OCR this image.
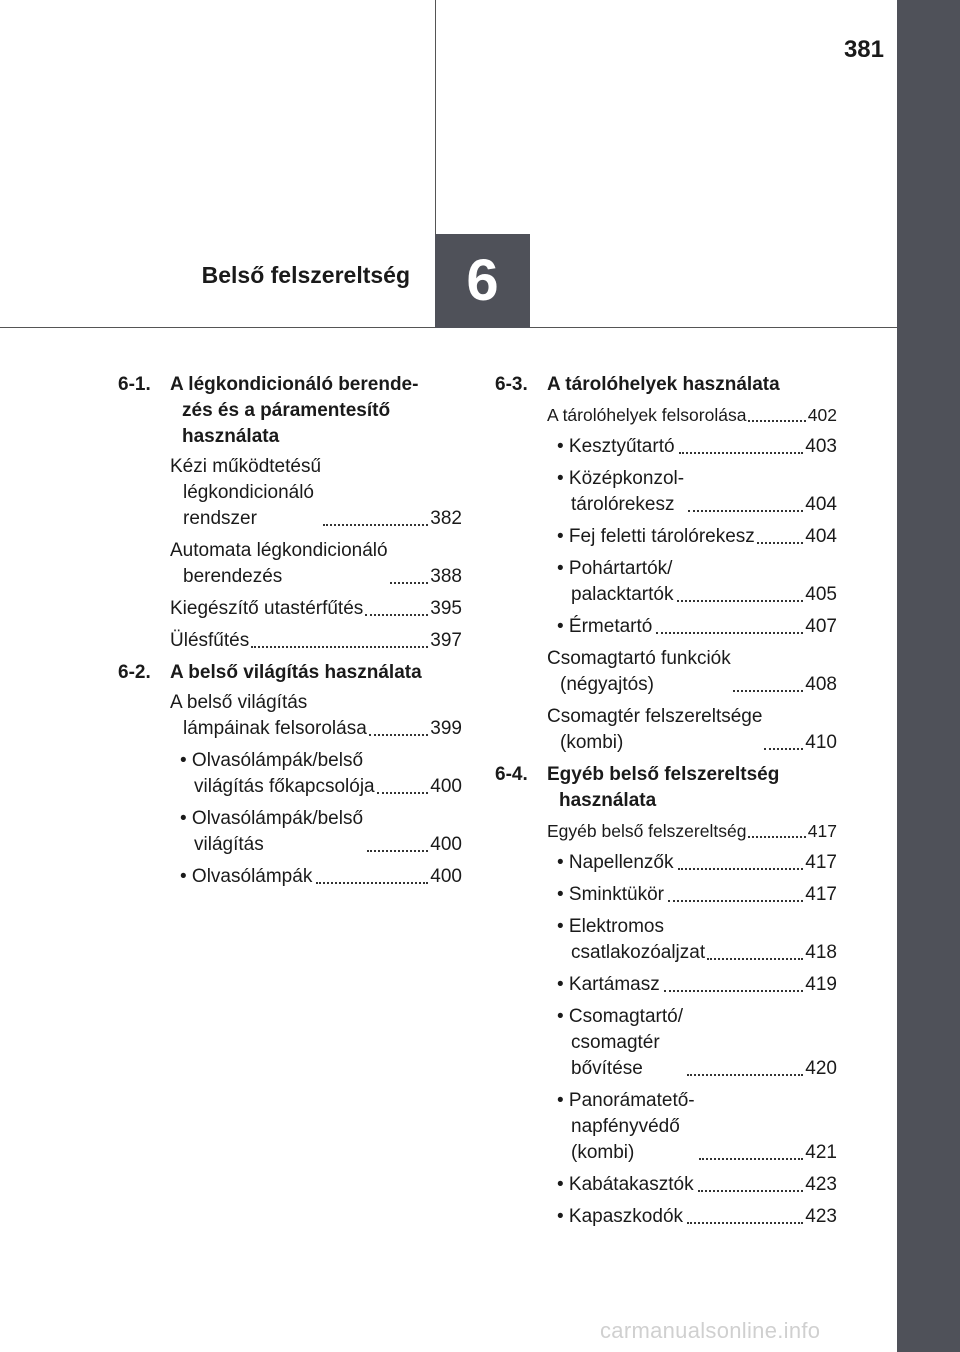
381
6
Belső felszereltség
6-1. A légkondicionáló berende-
zés és a páramentesítő
használata
Kézi működtetésű
légkondicionáló
rendszer	382
Automata légkondicionáló
berendezés	388
Kiegészítő utastérfűtés	395
Ülésfűtés	397
6-2. A belső világítás használata
A belső világítás
lámpáinak felsorolása	399
• Olvasólámpák/belső
világítás főkapcsolója	400
• Olvasólámpák/belső
világítás	400
• Olvasólámpák	400
6-3. A tárolóhelyek használata
A tárolóhelyek felsorolása	402
• Kesztyűtartó	403
• Középkonzol-
tárolórekesz	404
• Fej feletti tárolórekesz	404
• Pohártartók/
palacktartók	405
• Érmetartó	407
Csomagtartó funkciók
(négyajtós)	408
Csomagtér felszereltsége
(kombi)	410
6-4. Egyéb belső felszereltség
használata
Egyéb belső felszereltség	417
• Napellenzők	417
• Sminktükör	417
• Elektromos
csatlakozóaljzat	418
• Kartámasz	419
• Csomagtartó/
csomagtér
bővítése	420
• Panorámatető-
napfényvédő
(kombi)	421
• Kabátakasztók	423
• Kapaszkodók	423
carmanualsonline.info
